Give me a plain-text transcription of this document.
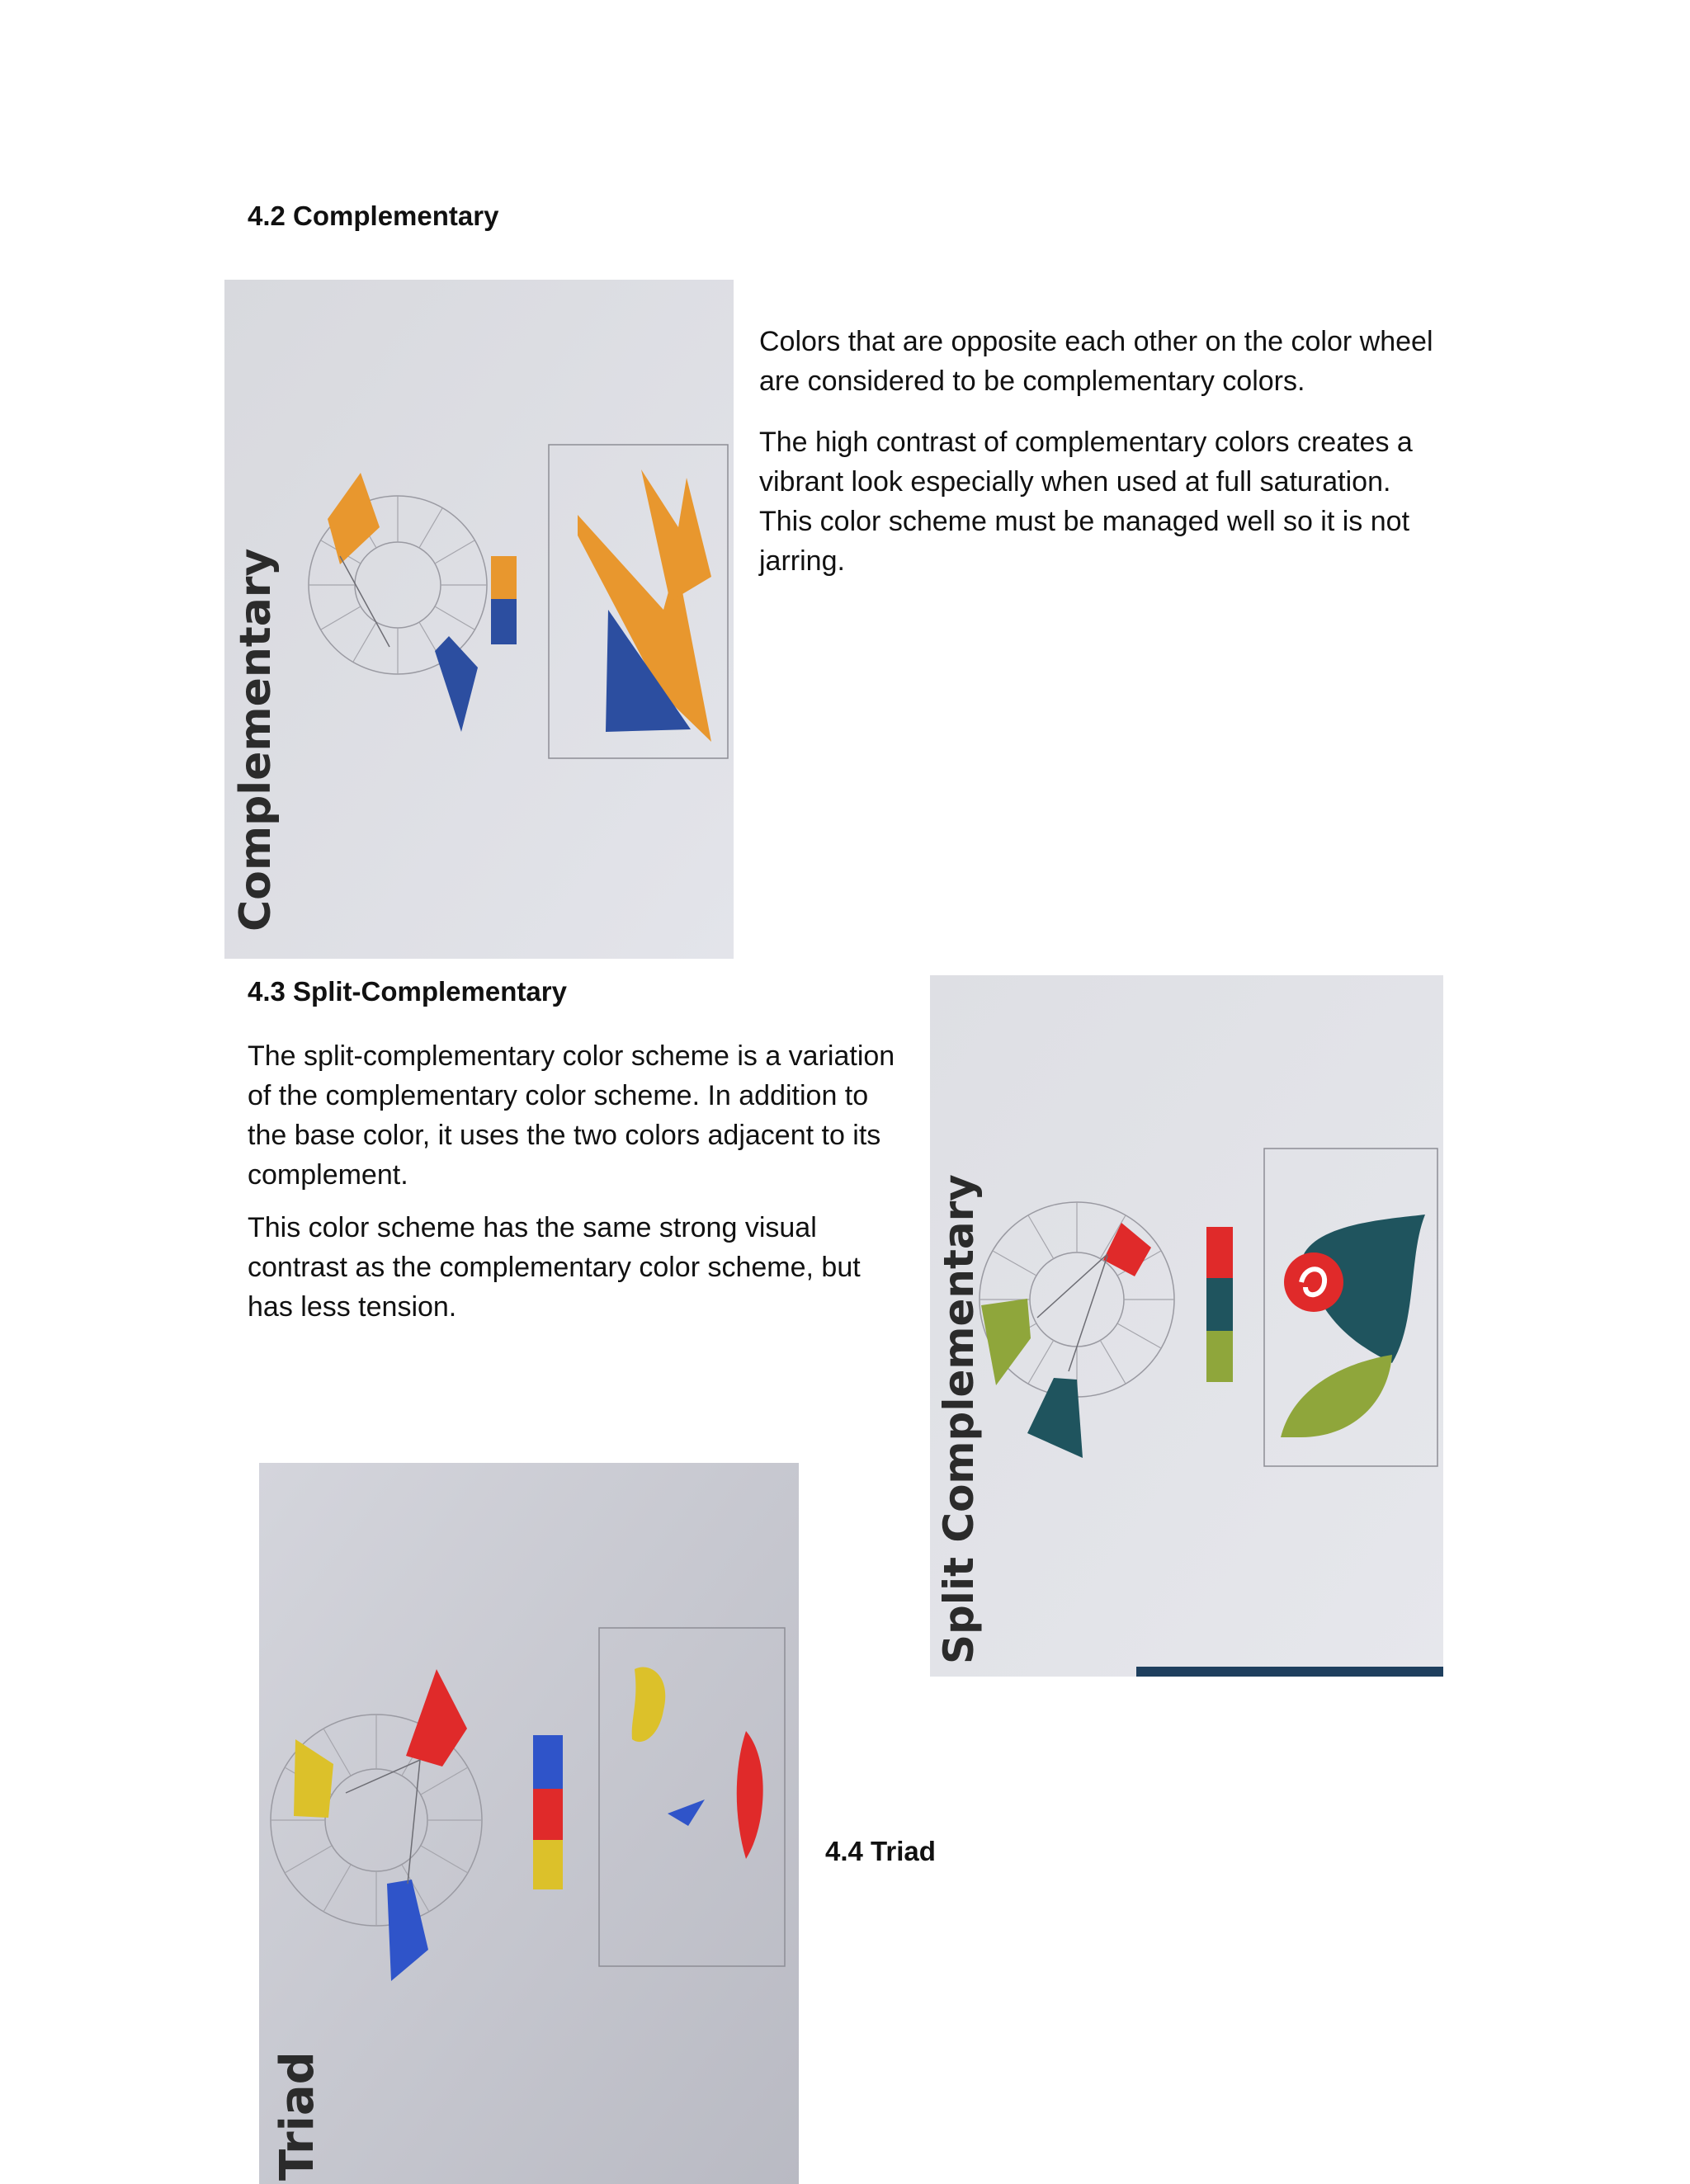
4.2 Complementary
Complementary

Colors that are opposite each other on the color wheel are considered to be complementary colors.

The high contrast of complementary colors creates a vibrant look especially when used at full saturation. This color scheme must be managed well so it is not jarring.

4.3 Split-Complementary

The split-complementary color scheme is a variation of the complementary color scheme. In addition to the base color, it uses the two colors adjacent to its complement.

This color scheme has the same strong visual contrast as the complementary color scheme, but has less tension.	Split Complementary
Triad
4.4 Triad
